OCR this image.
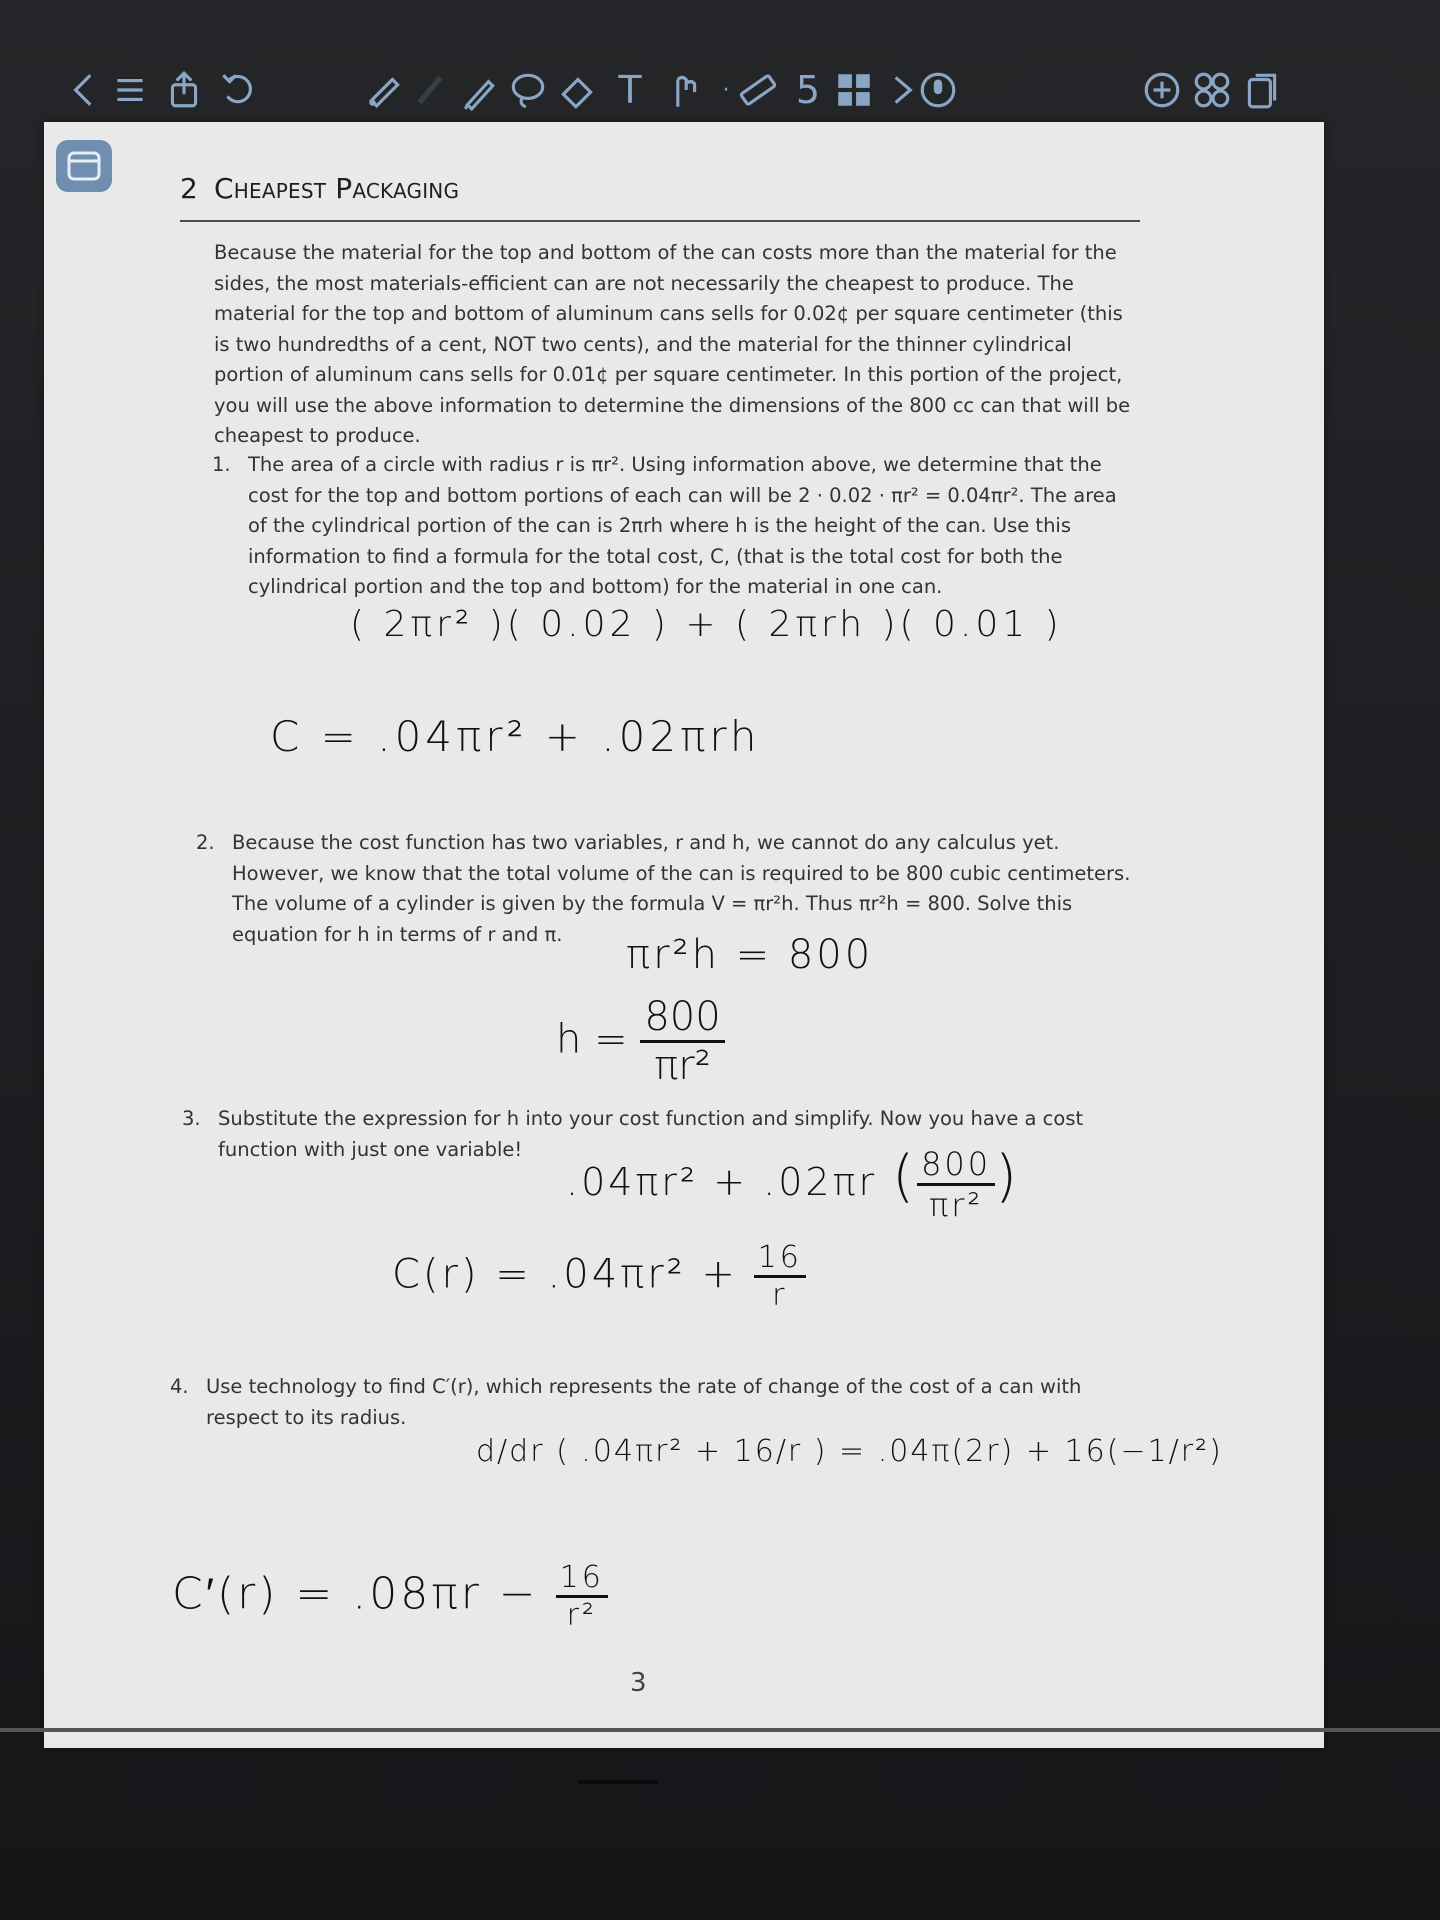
T	·	5
2 Cheapest Packaging
Because the material for the top and bottom of the can costs more than the material for the sides, the most materials-efficient can are not necessarily the cheapest to produce. The material for the top and bottom of aluminum cans sells for 0.02¢ per square centimeter (this is two hundredths of a cent, NOT two cents), and the material for the thinner cylindrical portion of aluminum cans sells for 0.01¢ per square centimeter. In this portion of the project, you will use the above information to determine the dimensions of the 800 cc can that will be cheapest to produce.
1. The area of a circle with radius r is πr². Using information above, we determine that the cost for the top and bottom portions of each can will be 2 · 0.02 · πr² = 0.04πr². The area of the cylindrical portion of the can is 2πrh where h is the height of the can. Use this information to find a formula for the total cost, C, (that is the total cost for both the cylindrical portion and the top and bottom) for the material in one can.
2. Because the cost function has two variables, r and h, we cannot do any calculus yet. However, we know that the total volume of the can is required to be 800 cubic centimeters. The volume of a cylinder is given by the formula V = πr²h. Thus πr²h = 800. Solve this equation for h in terms of r and π.
3. Substitute the expression for h into your cost function and simplify. Now you have a cost function with just one variable!
4. Use technology to find C′(r), which represents the rate of change of the cost of a can with respect to its radius.
3
( 2πr² )( 0.02 ) + ( 2πrh )( 0.01 )
C = .04πr² + .02πrh
πr²h = 800
$h = \frac{800}{\text{πr²}}$
.04πr² + .02πr ( $\frac{800}{\text{πr²}}$ )
$C(r) = .04\pi r^2 + \frac{16}{r}$
d/dr ( .04πr² + 16/r ) = .04π(2r) + 16(−1/r²)
$C'(r) = .08\pi r - \frac{16}{\text{r²}}$
